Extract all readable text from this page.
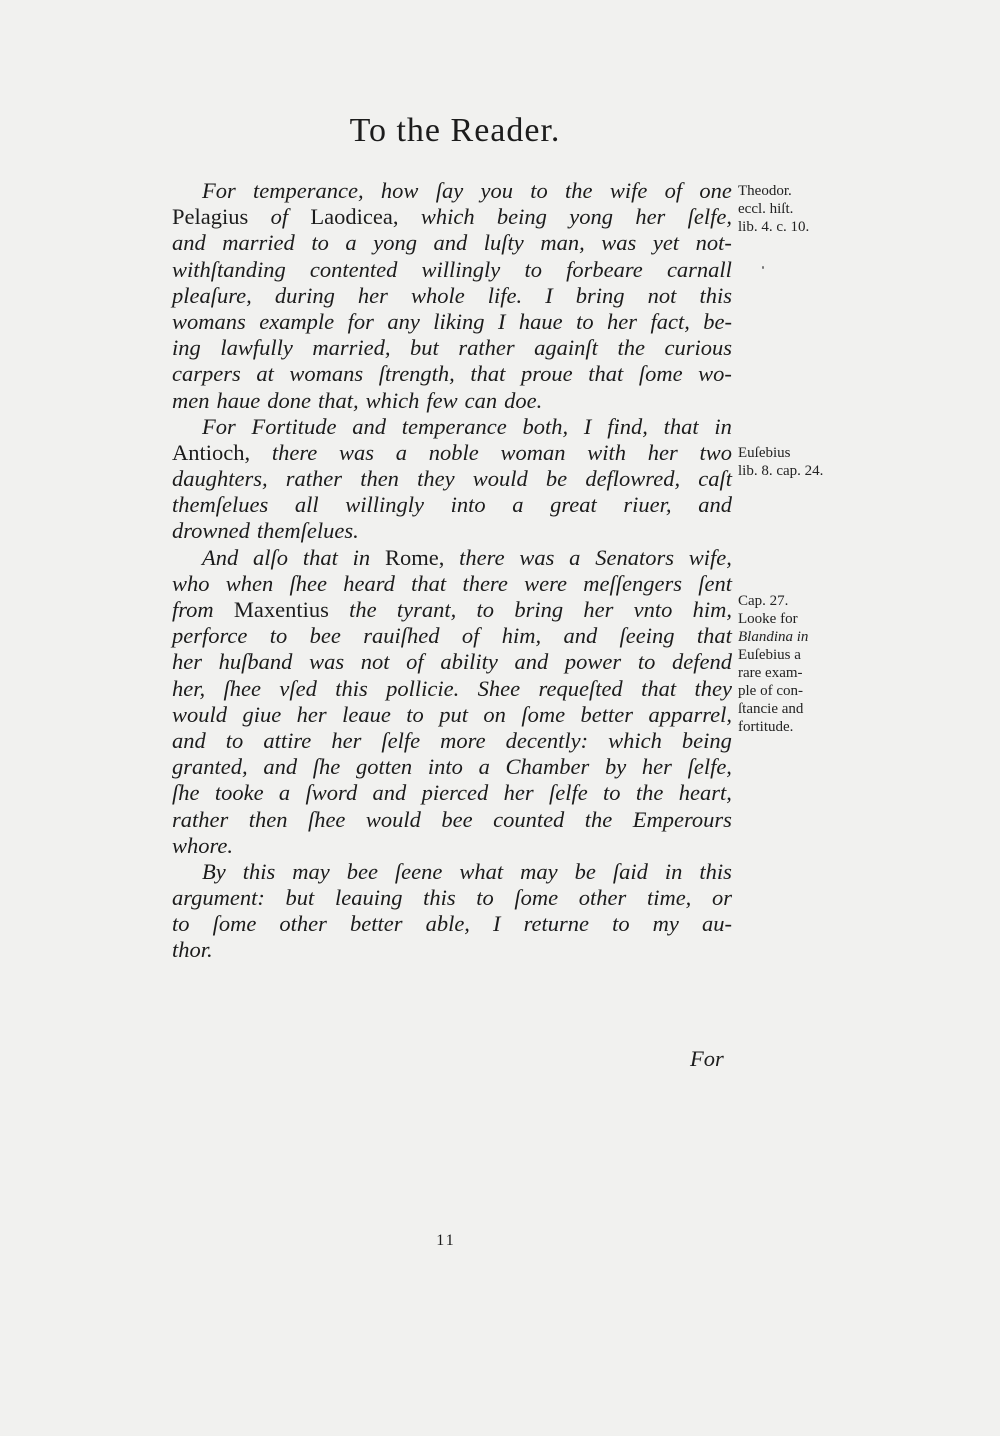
To the Reader.
For temperance, how ſay you to the wife of one
Pelagius of Laodicea, which being yong her ſelfe,
and married to a yong and luſty man, was yet not-
withſtanding contented willingly to forbeare carnall
pleaſure, during her whole life. I bring not this
womans example for any liking I haue to her fact, be-
ing lawfully married, but rather againſt the curious
carpers at womans ſtrength, that proue that ſome wo-
men haue done that, which few can doe.
For Fortitude and temperance both, I find, that in
Antioch, there was a noble woman with her two
daughters, rather then they would be deflowred, caſt
themſelues all willingly into a great riuer, and
drowned themſelues.
And alſo that in Rome, there was a Senators wife,
who when ſhee heard that there were meſſengers ſent
from Maxentius the tyrant, to bring her vnto him,
perforce to bee rauiſhed of him, and ſeeing that
her huſband was not of ability and power to defend
her, ſhee vſed this pollicie. Shee requeſted that they
would giue her leaue to put on ſome better apparrel,
and to attire her ſelfe more decently: which being
granted, and ſhe gotten into a Chamber by her ſelfe,
ſhe tooke a ſword and pierced her ſelfe to the heart,
rather then ſhee would bee counted the Emperours
whore.
By this may bee ſeene what may be ſaid in this
argument: but leauing this to ſome other time, or
to ſome other better able, I returne to my au-
thor.
For
Theodor.
eccl. hiſt.
lib. 4. c. 10.
Euſebius
lib. 8. cap. 24.
Cap. 27.
Looke for
Blandina in
Euſebius a
rare exam-
ple of con-
ſtancie and
fortitude.
11
